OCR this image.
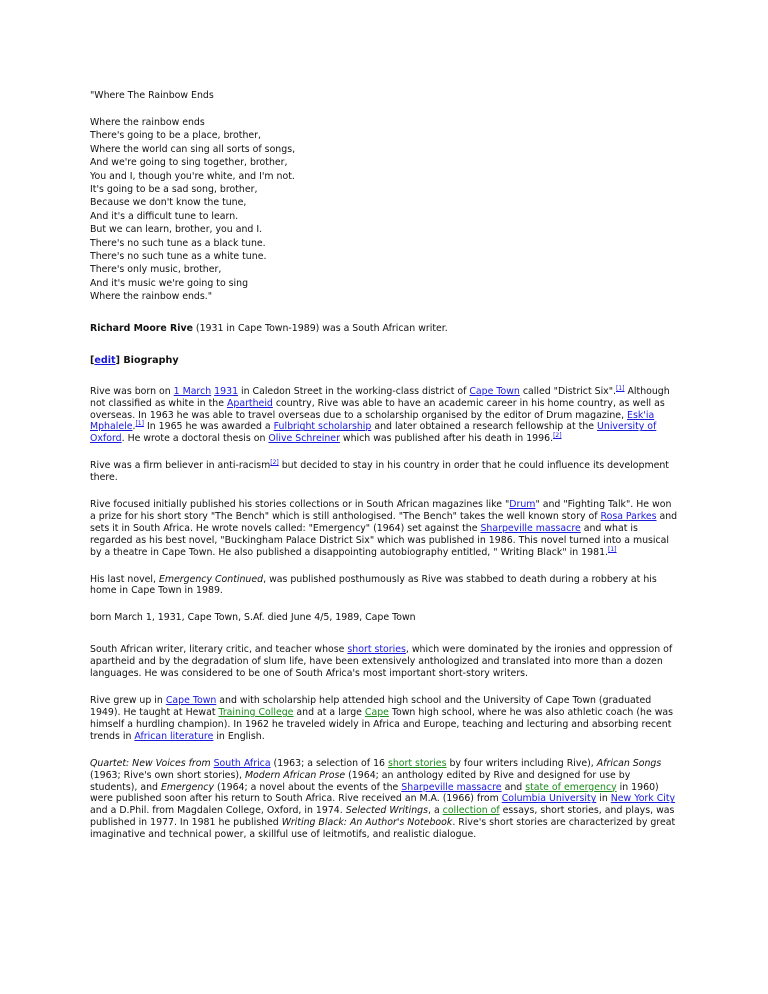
"Where The Rainbow Ends
Where the rainbow ends
There's going to be a place, brother,
Where the world can sing all sorts of songs,
And we're going to sing together, brother,
You and I, though you're white, and I'm not.
It's going to be a sad song, brother,
Because we don't know the tune,
And it's a difficult tune to learn.
But we can learn, brother, you and I.
There's no such tune as a black tune.
There's no such tune as a white tune.
There's only music, brother,
And it's music we're going to sing
Where the rainbow ends."
Richard Moore Rive (1931 in Cape Town-1989) was a South African writer.
[edit] Biography

Rive was born on 1 March 1931 in Caledon Street in the working-class district of Cape Town called "District Six".[1] Although not classified as white in the Apartheid country, Rive was able to have an academic career in his home country, as well as overseas. In 1963 he was able to travel overseas due to a scholarship organised by the editor of Drum magazine, Esk'ia Mphalele.[1] In 1965 he was awarded a Fulbright scholarship and later obtained a research fellowship at the University of Oxford. He wrote a doctoral thesis on Olive Schreiner which was published after his death in 1996.[2]

Rive was a firm believer in anti-racism[2] but decided to stay in his country in order that he could influence its development there.

Rive focused initially published his stories collections or in South African magazines like "Drum" and "Fighting Talk". He won a prize for his short story "The Bench" which is still anthologised. "The Bench" takes the well known story of Rosa Parkes and sets it in South Africa. He wrote novels called: "Emergency" (1964) set against the Sharpeville massacre and what is regarded as his best novel, "Buckingham Palace District Six" which was published in 1986. This novel turned into a musical by a theatre in Cape Town. He also published a disappointing autobiography entitled, " Writing Black" in 1981.[1]

His last novel, Emergency Continued, was published posthumously as Rive was stabbed to death during a robbery at his home in Cape Town in 1989.

born March 1, 1931, Cape Town, S.Af. died June 4/5, 1989, Cape Town

South African writer, literary critic, and teacher whose short stories, which were dominated by the ironies and oppression of apartheid and by the degradation of slum life, have been extensively anthologized and translated into more than a dozen languages. He was considered to be one of South Africa's most important short-story writers.

Rive grew up in Cape Town and with scholarship help attended high school and the University of Cape Town (graduated 1949). He taught at Hewat Training College and at a large Cape Town high school, where he was also athletic coach (he was himself a hurdling champion). In 1962 he traveled widely in Africa and Europe, teaching and lecturing and absorbing recent trends in African literature in English.

Quartet: New Voices from South Africa (1963; a selection of 16 short stories by four writers including Rive), African Songs (1963; Rive's own short stories), Modern African Prose (1964; an anthology edited by Rive and designed for use by students), and Emergency (1964; a novel about the events of the Sharpeville massacre and state of emergency in 1960) were published soon after his return to South Africa. Rive received an M.A. (1966) from Columbia University in New York City and a D.Phil. from Magdalen College, Oxford, in 1974. Selected Writings, a collection of essays, short stories, and plays, was published in 1977. In 1981 he published Writing Black: An Author's Notebook. Rive's short stories are characterized by great imaginative and technical power, a skillful use of leitmotifs, and realistic dialogue.
